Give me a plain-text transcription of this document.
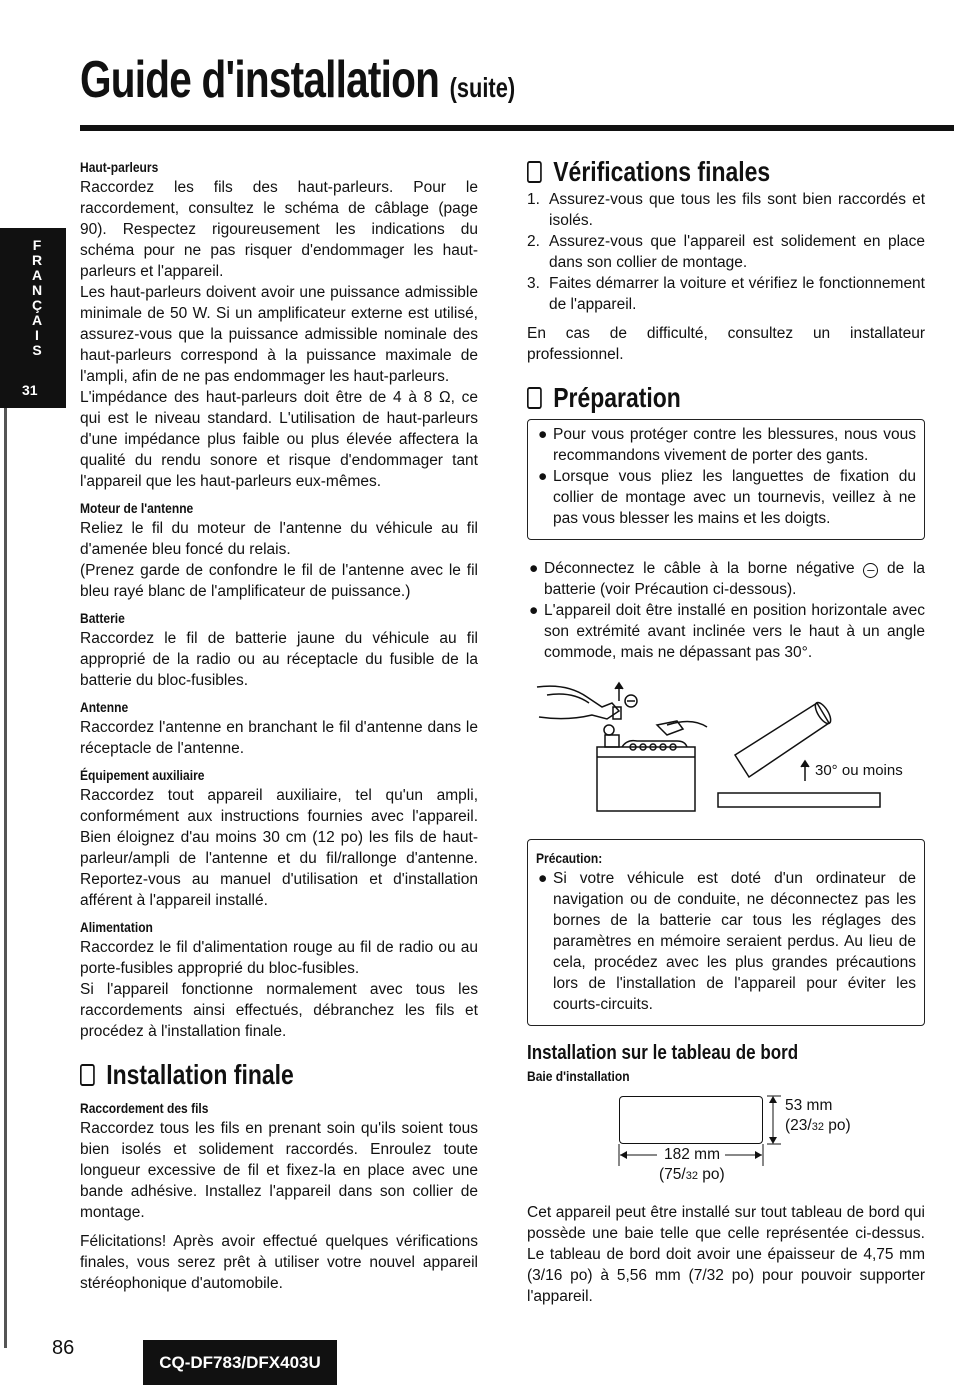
Guide d'installation (suite)
F
R
A
N
Ç
A
I
S
31
Haut-parleurs

Raccordez les fils des haut-parleurs. Pour le raccordement, consultez le schéma de câblage (page 90). Respectez rigoureusement les indications du schéma pour ne pas risquer d'endommager les haut-parleurs et l'appareil.

Les haut-parleurs doivent avoir une puissance admissible minimale de 50 W. Si un amplificateur externe est utilisé, assurez-vous que la puissance admissible nominale des haut-parleurs correspond à la puissance maximale de l'ampli, afin de ne pas endommager les haut-parleurs.

L'impédance des haut-parleurs doit être de 4 à 8 Ω, ce qui est le niveau standard. L'utilisation de haut-parleurs d'une impédance plus faible ou plus élevée affectera la qualité du rendu sonore et risque d'endommager tant l'appareil que les haut-parleurs eux-mêmes.

Moteur de l'antenne

Reliez le fil du moteur de l'antenne du véhicule au fil d'amenée bleu foncé du relais.

(Prenez garde de confondre le fil de l'antenne avec le fil bleu rayé blanc de l'amplificateur de puissance.)

Batterie

Raccordez le fil de batterie jaune du véhicule au fil approprié de la radio ou au réceptacle du fusible de la batterie du bloc-fusibles.

Antenne

Raccordez l'antenne en branchant le fil d'antenne dans le réceptacle de l'antenne.

Équipement auxiliaire

Raccordez tout appareil auxiliaire, tel qu'un ampli, conformément aux instructions fournies avec l'appareil. Bien éloignez d'au moins 30 cm (12 po) les fils de haut-parleur/ampli de l'antenne et du fil/rallonge d'antenne. Reportez-vous au manuel d'utilisation et d'installation afférent à l'appareil installé.

Alimentation

Raccordez le fil d'alimentation rouge au fil de radio ou au porte-fusibles approprié du bloc-fusibles.

Si l'appareil fonctionne normalement avec tous les raccordements ainsi effectués, débranchez les fils et procédez à l'installation finale.

Installation finale
Raccordement des fils

Raccordez tous les fils en prenant soin qu'ils soient tous bien isolés et solidement raccordés. Enroulez toute longueur excessive de fil et fixez-la en place avec une bande adhésive. Installez l'appareil dans son collier de montage.

Félicitations! Après avoir effectué quelques vérifications finales, vous serez prêt à utiliser votre nouvel appareil stéréophonique d'automobile.

Vérifications finales
1. Assurez-vous que tous les fils sont bien raccordés et isolés.
2. Assurez-vous que l'appareil est solidement en place dans son collier de montage.
3. Faites démarrer la voiture et vérifiez le fonctionnement de l'appareil.

En cas de difficulté, consultez un installateur professionnel.

Préparation
● Pour vous protéger contre les blessures, nous vous recommandons vivement de porter des gants.
● Lorsque vous pliez les languettes de fixation du collier de montage avec un tournevis, veillez à ne pas vous blesser les mains et les doigts.
● Déconnectez le câble à la borne négative – de la batterie (voir Précaution ci-dessous).
● L'appareil doit être installé en position horizontale avec son extrémité avant inclinée vers le haut à un angle commode, mais ne dépassant pas 30°.
30° ou moins
Précaution:
● Si votre véhicule est doté d'un ordinateur de navigation ou de conduite, ne déconnectez pas les bornes de la batterie car tous les réglages des paramètres en mémoire seraient perdus. Au lieu de cela, procédez avec les plus grandes précautions lors de l'installation de l'appareil pour éviter les courts-circuits.
Installation sur le tableau de bord
Baie d'installation
53 mm
(23/32 po)
182 mm
(75/32 po)

Cet appareil peut être installé sur tout tableau de bord qui possède une baie telle que celle représentée ci-dessus. Le tableau de bord doit avoir une épaisseur de 4,75 mm (3/16 po) à 5,56 mm (7/32 po) pour pouvoir supporter l'appareil.

86
CQ-DF783/DFX403U
